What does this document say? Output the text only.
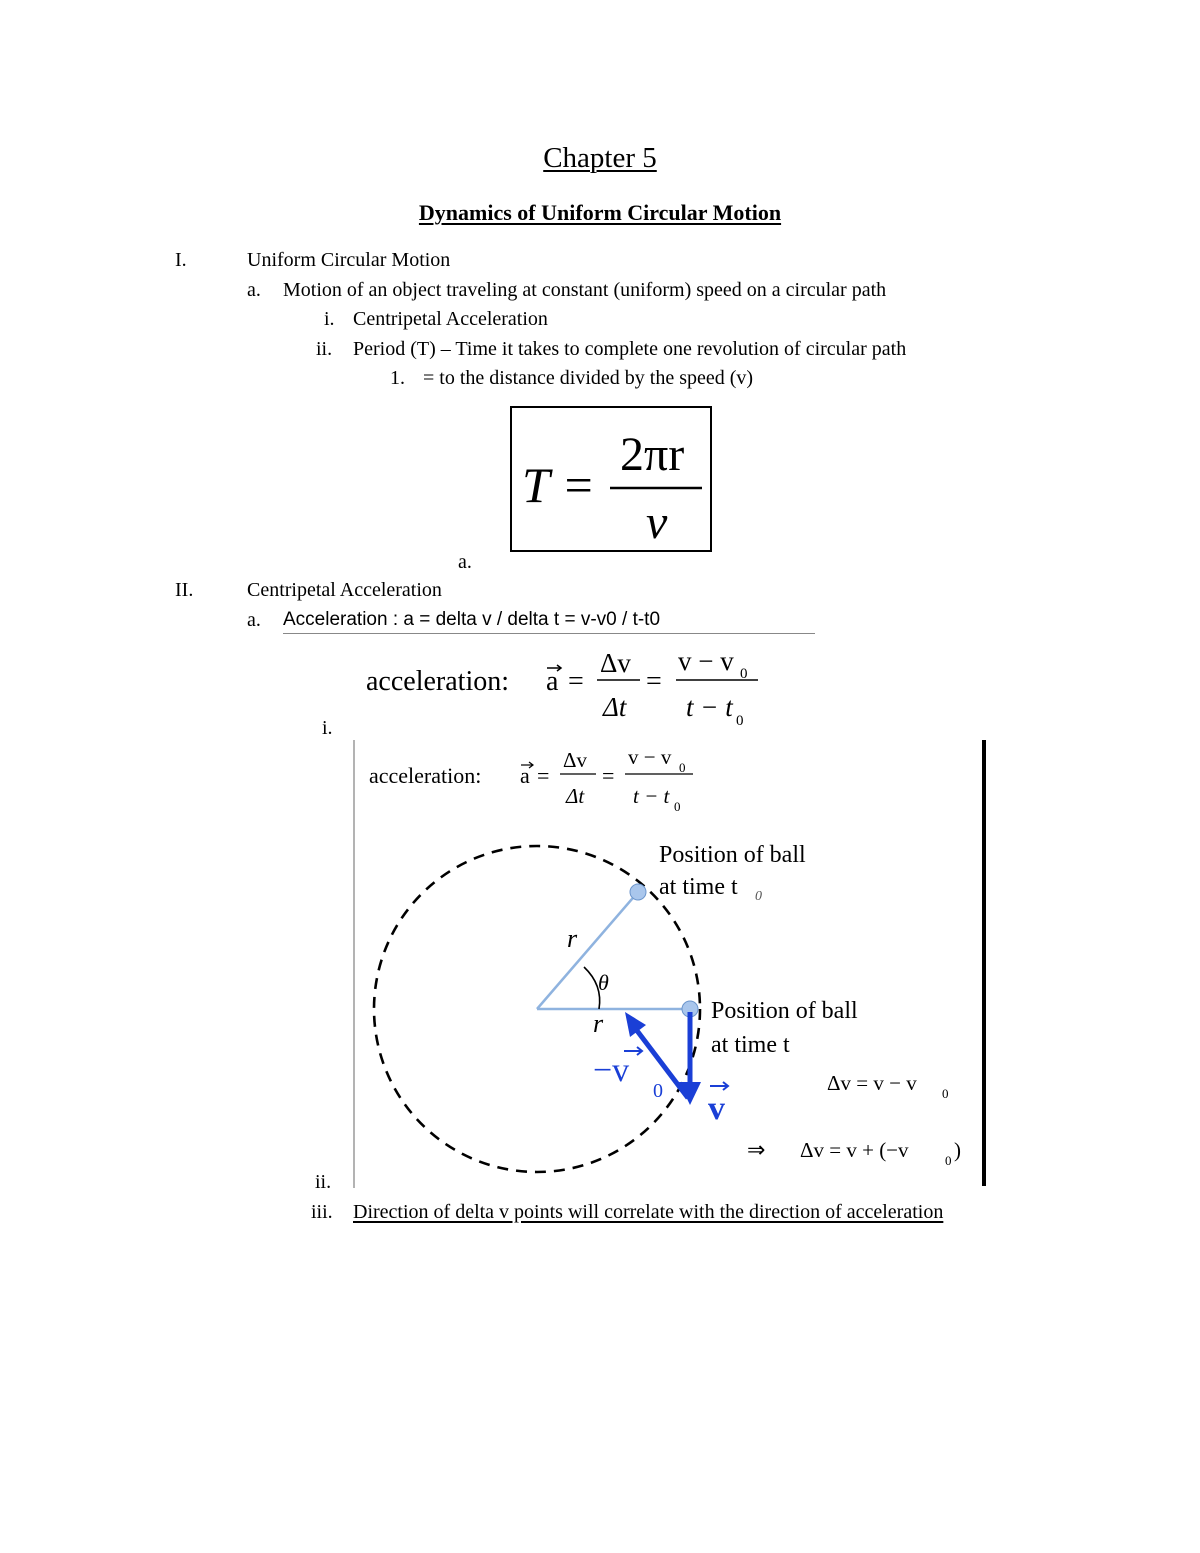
Chapter 5
Dynamics of Uniform Circular Motion
I.	Uniform Circular Motion
a. Motion of an object traveling at constant (uniform) speed on a circular path
i. Centripetal Acceleration
ii. Period (T) – Time it takes to complete one revolution of circular path
1. = to the distance divided by the speed (v)
T =
2πr
v
a.
II.	Centripetal Acceleration
a. Acceleration : a = delta v / delta t = v-v0 / t-t0
acceleration: a =
Δv
Δt
=
v − v 0
t − t 0
i.
acceleration: a =
Δv
Δt
=
v − v 0
t − t 0
r
r
θ
Position of ball
at time t 0
Position of ball
at time t
−v
0 v
Δv = v − v 0
⇒ Δv = v + (−v	0 )
ii.
iii. Direction of delta v points will correlate with the direction of acceleration
